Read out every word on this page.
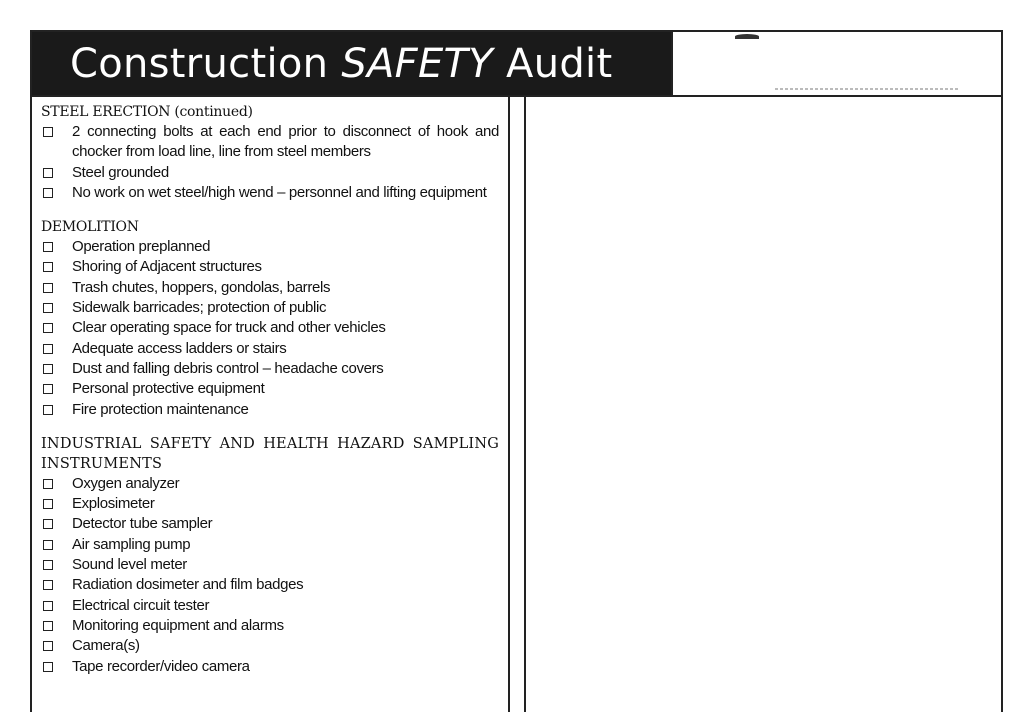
Construction SAFETY Audit
STEEL ERECTION (continued)
2 connecting bolts at each end prior to disconnect of hook and chocker from load line, line from steel members
Steel grounded
No work on wet steel/high wend – personnel and lifting equipment
DEMOLITION
Operation preplanned
Shoring of Adjacent structures
Trash chutes, hoppers, gondolas, barrels
Sidewalk barricades; protection of public
Clear operating space for truck and other vehicles
Adequate access ladders or stairs
Dust and falling debris control – headache covers
Personal protective equipment
Fire protection maintenance
INDUSTRIAL SAFETY AND HEALTH HAZARD SAMPLING INSTRUMENTS
Oxygen analyzer
Explosimeter
Detector tube sampler
Air sampling pump
Sound level meter
Radiation dosimeter and film badges
Electrical circuit tester
Monitoring equipment and alarms
Camera(s)
Tape recorder/video camera
